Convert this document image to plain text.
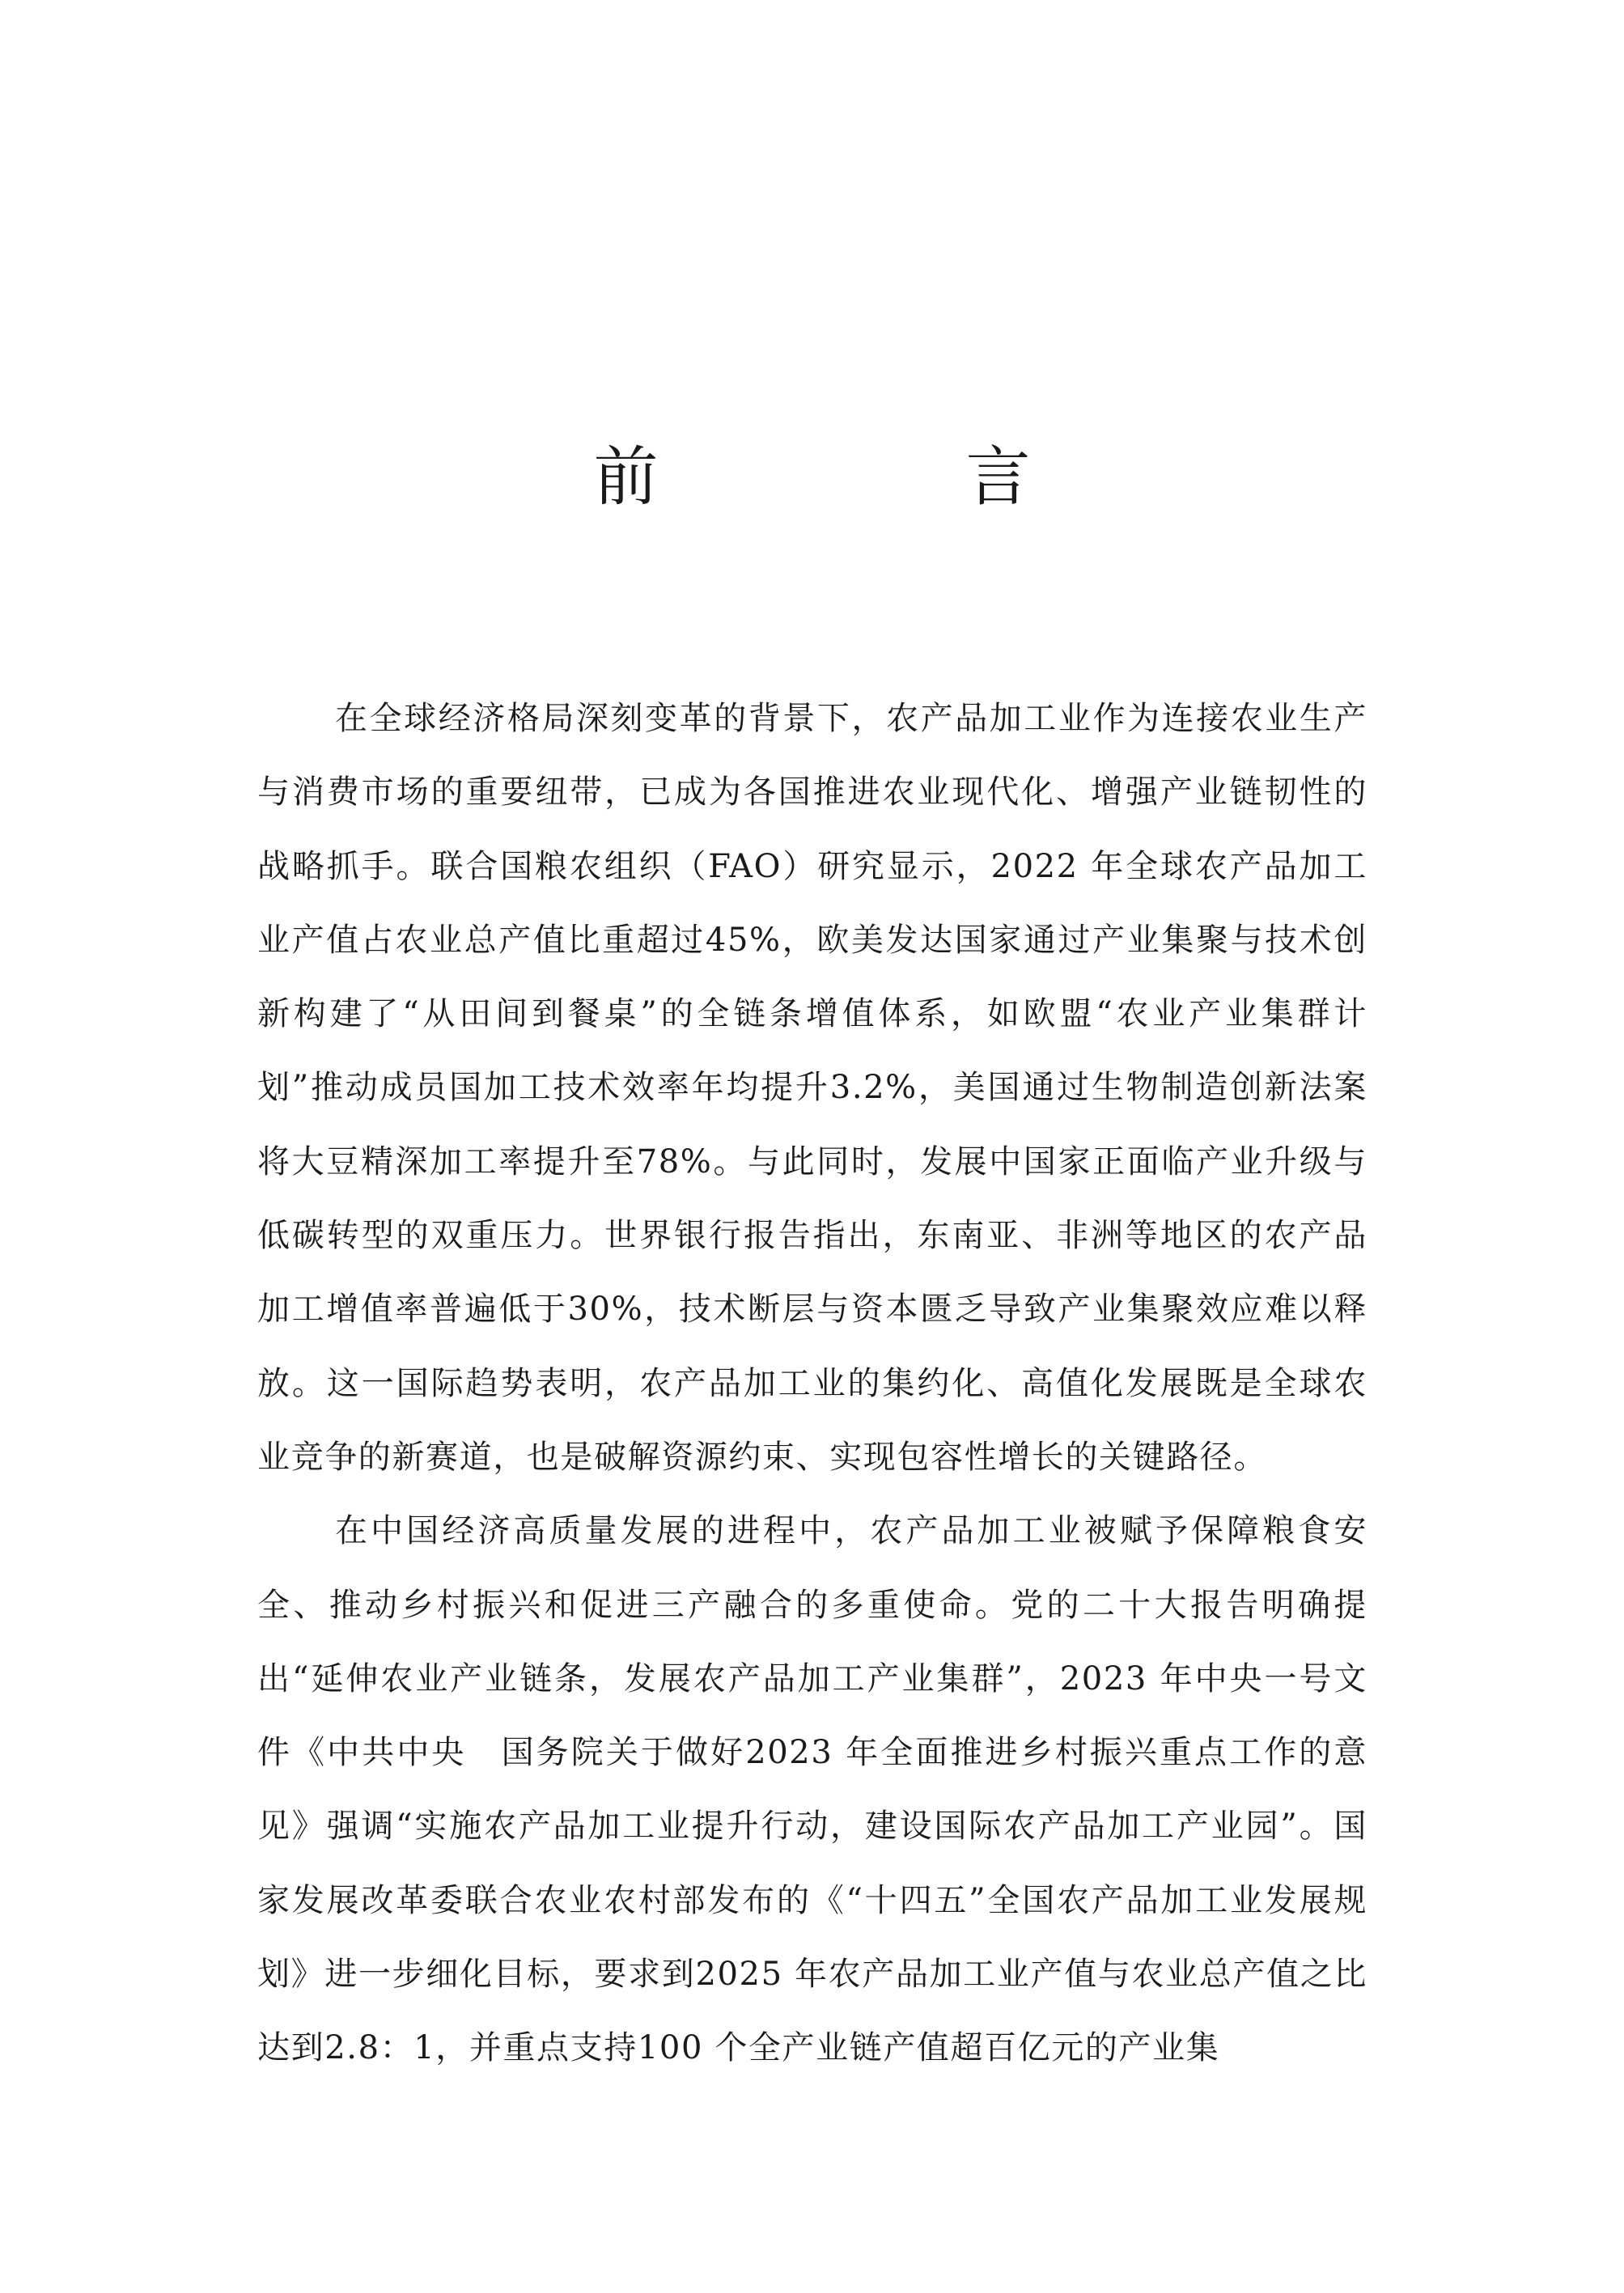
前　言

在全球经济格局深刻变革的背景下，农产品加工业作为连接农业生产与消费市场的重要纽带，已成为各国推进农业现代化、增强产业链韧性的战略抓手。联合国粮农组织（FAO）研究显示，2022 年全球农产品加工业产值占农业总产值比重超过45%，欧美发达国家通过产业集聚与技术创新构建了“从田间到餐桌”的全链条增值体系，如欧盟“农业产业集群计划”推动成员国加工技术效率年均提升3.2%，美国通过生物制造创新法案将大豆精深加工率提升至78%。与此同时，发展中国家正面临产业升级与低碳转型的双重压力。世界银行报告指出，东南亚、非洲等地区的农产品加工增值率普遍低于30%，技术断层与资本匮乏导致产业集聚效应难以释放。这一国际趋势表明，农产品加工业的集约化、高值化发展既是全球农业竞争的新赛道，也是破解资源约束、实现包容性增长的关键路径。

在中国经济高质量发展的进程中，农产品加工业被赋予保障粮食安全、推动乡村振兴和促进三产融合的多重使命。党的二十大报告明确提出“延伸农业产业链条，发展农产品加工产业集群”，2023 年中央一号文件《中共中央　国务院关于做好2023 年全面推进乡村振兴重点工作的意见》强调“实施农产品加工业提升行动，建设国际农产品加工产业园”。国家发展改革委联合农业农村部发布的《“十四五”全国农产品加工业发展规划》进一步细化目标，要求到2025 年农产品加工业产值与农业总产值之比达到2.8：1，并重点支持100 个全产业链产值超百亿元的产业集
